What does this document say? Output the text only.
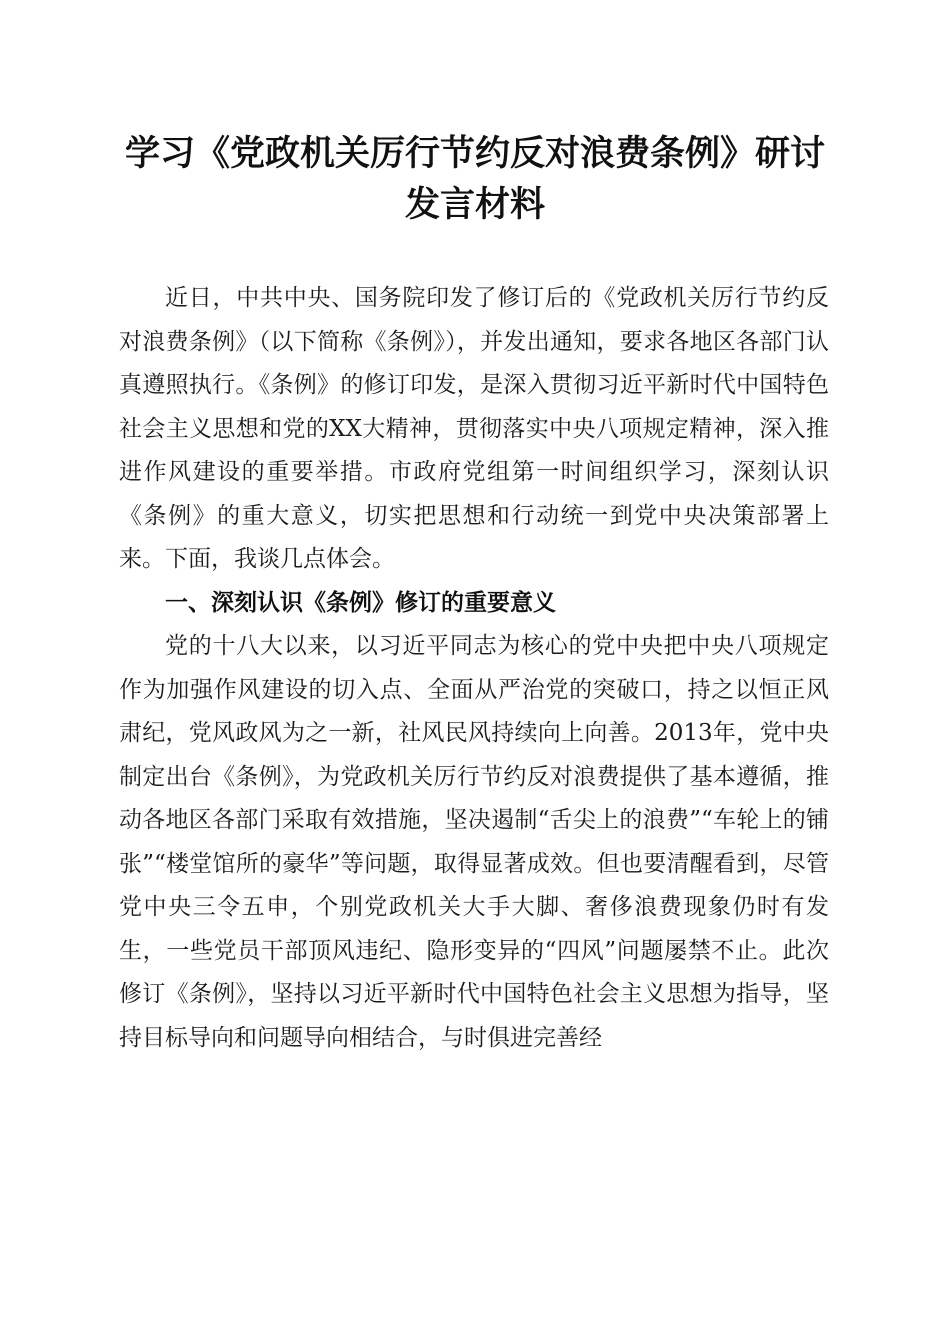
学习《党政机关厉行节约反对浪费条例》研讨
发言材料

近日，中共中央、国务院印发了修订后的《党政机关厉行节约反对浪费条例》（以下简称《条例》），并发出通知，要求各地区各部门认真遵照执行。《条例》的修订印发，是深入贯彻习近平新时代中国特色社会主义思想和党的XX大精神，贯彻落实中央八项规定精神，深入推进作风建设的重要举措。市政府党组第一时间组织学习，深刻认识《条例》的重大意义，切实把思想和行动统一到党中央决策部署上来。下面，我谈几点体会。

一、深刻认识《条例》修订的重要意义

党的十八大以来，以习近平同志为核心的党中央把中央八项规定作为加强作风建设的切入点、全面从严治党的突破口，持之以恒正风肃纪，党风政风为之一新，社风民风持续向上向善。2013年，党中央制定出台《条例》，为党政机关厉行节约反对浪费提供了基本遵循，推动各地区各部门采取有效措施，坚决遏制“舌尖上的浪费”“车轮上的铺张”“楼堂馆所的豪华”等问题，取得显著成效。但也要清醒看到，尽管党中央三令五申，个别党政机关大手大脚、奢侈浪费现象仍时有发生，一些党员干部顶风违纪、隐形变异的“四风”问题屡禁不止。此次修订《条例》，坚持以习近平新时代中国特色社会主义思想为指导，坚持目标导向和问题导向相结合，与时俱进完善经
